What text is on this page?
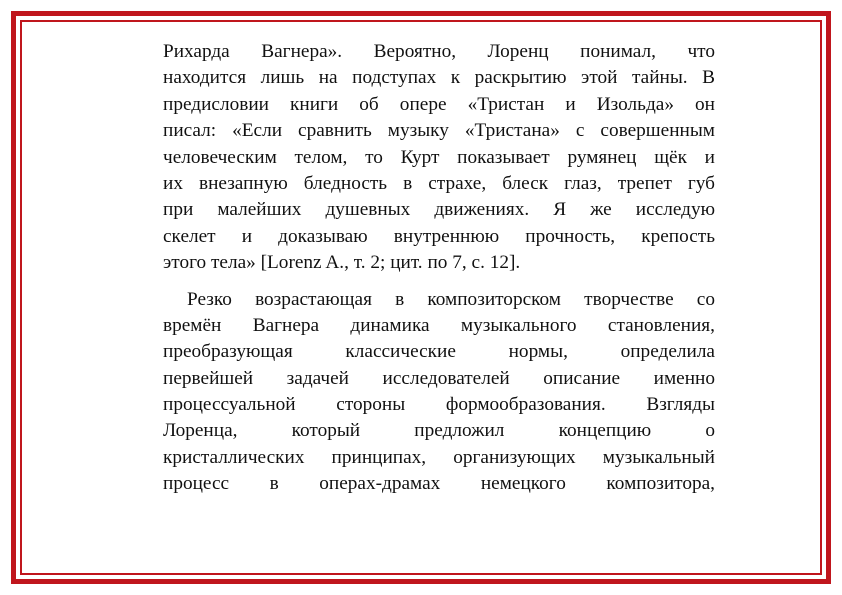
Рихарда Вагнера». Вероятно, Лоренц понимал, что
находится лишь на подступах к раскрытию этой тайны. В
предисловии книги об опере «Тристан и Изольда» он
писал: «Если сравнить музыку «Тристана» с совершенным
человеческим телом, то Курт показывает румянец щёк и
их внезапную бледность в страхе, блеск глаз, трепет губ
при малейших душевных движениях. Я же исследую
скелет и доказываю внутреннюю прочность, крепость
этого тела» [Lorenz A., т. 2; цит. по 7, с. 12].
Резко возрастающая в композиторском творчестве со
времён Вагнера динамика музыкального становления,
преобразующая классические нормы, определила
первейшей задачей исследователей описание именно
процессуальной стороны формообразования. Взгляды
Лоренца, который предложил концепцию о
кристаллических принципах, организующих музыкальный
процесс в операх-драмах немецкого композитора,
